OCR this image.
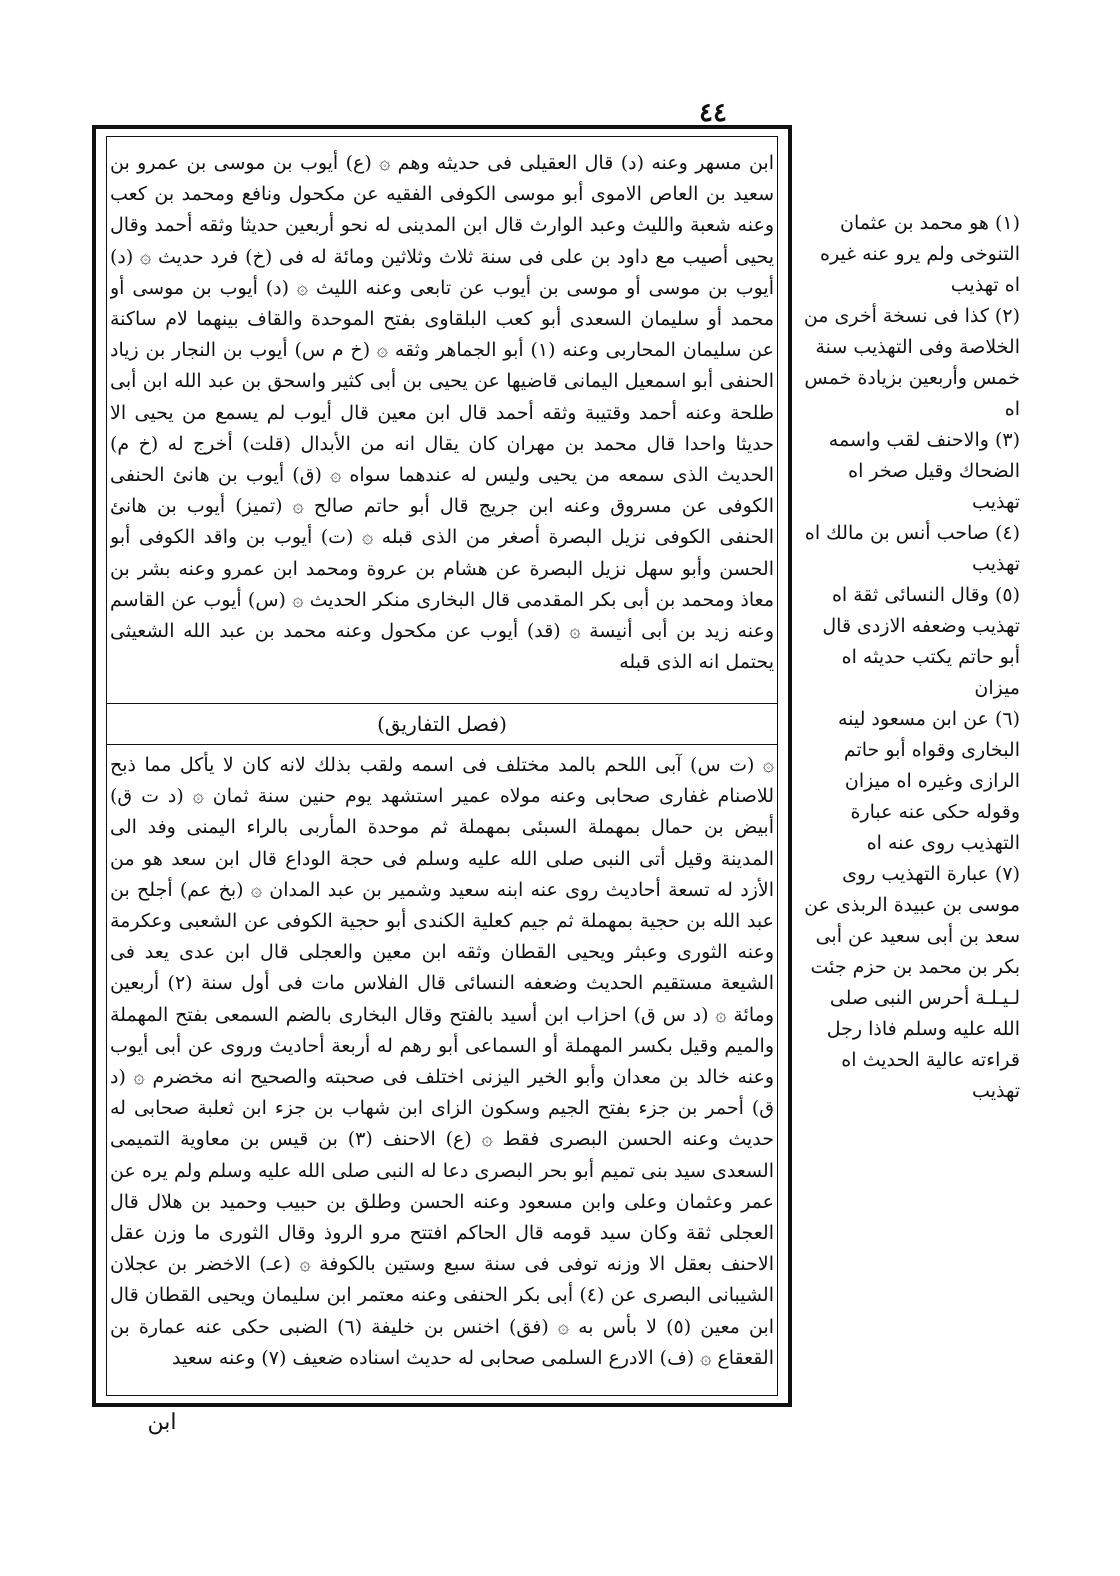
٤٤
ابن مسهر وعنه (د) قال العقيلى فى حديثه وهم ۞ (ع) أيوب بن موسى بن عمرو بن سعيد بن العاص الاموى أبو موسى الكوفى الفقيه عن مكحول ونافع ومحمد بن كعب وعنه شعبة والليث وعبد الوارث قال ابن المدينى له نحو أربعين حديثا وثقه أحمد وقال يحيى أصيب مع داود بن على فى سنة ثلاث وثلاثين ومائة له فى (خ) فرد حديث ۞ (د) أيوب بن موسى أو موسى بن أيوب عن تابعى وعنه الليث ۞ (د) أيوب بن موسى أو محمد أو سليمان السعدى أبو كعب البلقاوى بفتح الموحدة والقاف بينهما لام ساكنة عن سليمان المحاربى وعنه (١) أبو الجماهر وثقه ۞ (خ م س) أيوب بن النجار بن زياد الحنفى أبو اسمعيل اليمانى قاضيها عن يحيى بن أبى كثير واسحق بن عبد الله ابن أبى طلحة وعنه أحمد وقتيبة وثقه أحمد قال ابن معين قال أيوب لم يسمع من يحيى الا حديثا واحدا قال محمد بن مهران كان يقال انه من الأبدال (قلت) أخرج له (خ م) الحديث الذى سمعه من يحيى وليس له عندهما سواه ۞ (ق) أيوب بن هانئ الحنفى الكوفى عن مسروق وعنه ابن جريج قال أبو حاتم صالح ۞ (تميز) أيوب بن هانئ الحنفى الكوفى نزيل البصرة أصغر من الذى قبله ۞ (ت) أيوب بن واقد الكوفى أبو الحسن وأبو سهل نزيل البصرة عن هشام بن عروة ومحمد ابن عمرو وعنه بشر بن معاذ ومحمد بن أبى بكر المقدمى قال البخارى منكر الحديث ۞ (س) أيوب عن القاسم وعنه زيد بن أبى أنيسة ۞ (قد) أيوب عن مكحول وعنه محمد بن عبد الله الشعيثى يحتمل انه الذى قبله
(فصل التفاريق)
۞ (ت س) آبى اللحم بالمد مختلف فى اسمه ولقب بذلك لانه كان لا يأكل مما ذبح للاصنام غفارى صحابى وعنه مولاه عمير استشهد يوم حنين سنة ثمان ۞ (د ت ق) أبيض بن حمال بمهملة السبئى بمهملة ثم موحدة المأربى بالراء اليمنى وفد الى المدينة وقيل أتى النبى صلى الله عليه وسلم فى حجة الوداع قال ابن سعد هو من الأزد له تسعة أحاديث روى عنه ابنه سعيد وشمير بن عبد المدان ۞ (بخ عم) أجلح بن عبد الله بن حجية بمهملة ثم جيم كعلية الكندى أبو حجية الكوفى عن الشعبى وعكرمة وعنه الثورى وعبثر ويحيى القطان وثقه ابن معين والعجلى قال ابن عدى يعد فى الشيعة مستقيم الحديث وضعفه النسائى قال الفلاس مات فى أول سنة (٢) أربعين ومائة ۞ (د س ق) احزاب ابن أسيد بالفتح وقال البخارى بالضم السمعى بفتح المهملة والميم وقيل بكسر المهملة أو السماعى أبو رهم له أربعة أحاديث وروى عن أبى أيوب وعنه خالد بن معدان وأبو الخير اليزنى اختلف فى صحبته والصحيح انه مخضرم ۞ (د ق) أحمر بن جزء بفتح الجيم وسكون الزاى ابن شهاب بن جزء ابن ثعلبة صحابى له حديث وعنه الحسن البصرى فقط ۞ (ع) الاحنف (٣) بن قيس بن معاوية التميمى السعدى سيد بنى تميم أبو بحر البصرى دعا له النبى صلى الله عليه وسلم ولم يره عن عمر وعثمان وعلى وابن مسعود وعنه الحسن وطلق بن حبيب وحميد بن هلال قال العجلى ثقة وكان سيد قومه قال الحاكم افتتح مرو الروذ وقال الثورى ما وزن عقل الاحنف بعقل الا وزنه توفى فى سنة سبع وستين بالكوفة ۞ (عـ) الاخضر بن عجلان الشيبانى البصرى عن (٤) أبى بكر الحنفى وعنه معتمر ابن سليمان ويحيى القطان قال ابن معين (٥) لا بأس به ۞ (فق) اخنس بن خليفة (٦) الضبى حكى عنه عمارة بن القعقاع ۞ (ف) الادرع السلمى صحابى له حديث اسناده ضعيف (٧) وعنه سعيد

(١) هو محمد بن عثمان التنوخى ولم يرو عنه غيره اه تهذيب

(٢) كذا فى نسخة أخرى من الخلاصة وفى التهذيب سنة خمس وأربعين بزيادة خمس اه

(٣) والاحنف لقب واسمه الضحاك وقيل صخر اه تهذيب

(٤) صاحب أنس بن مالك اه تهذيب

(٥) وقال النسائى ثقة اه تهذيب وضعفه الازدى قال أبو حاتم يكتب حديثه اه ميزان

(٦) عن ابن مسعود لينه البخارى وقواه أبو حاتم الرازى وغيره اه ميزان وقوله حكى عنه عبارة التهذيب روى عنه اه

(٧) عبارة التهذيب روى موسى بن عبيدة الربذى عن سعد بن أبى سعيد عن أبى بكر بن محمد بن حزم جئت لـيـلـة أحرس النبى صلى الله عليه وسلم فاذا رجل قراءته عالية الحديث اه تهذيب

ابن
